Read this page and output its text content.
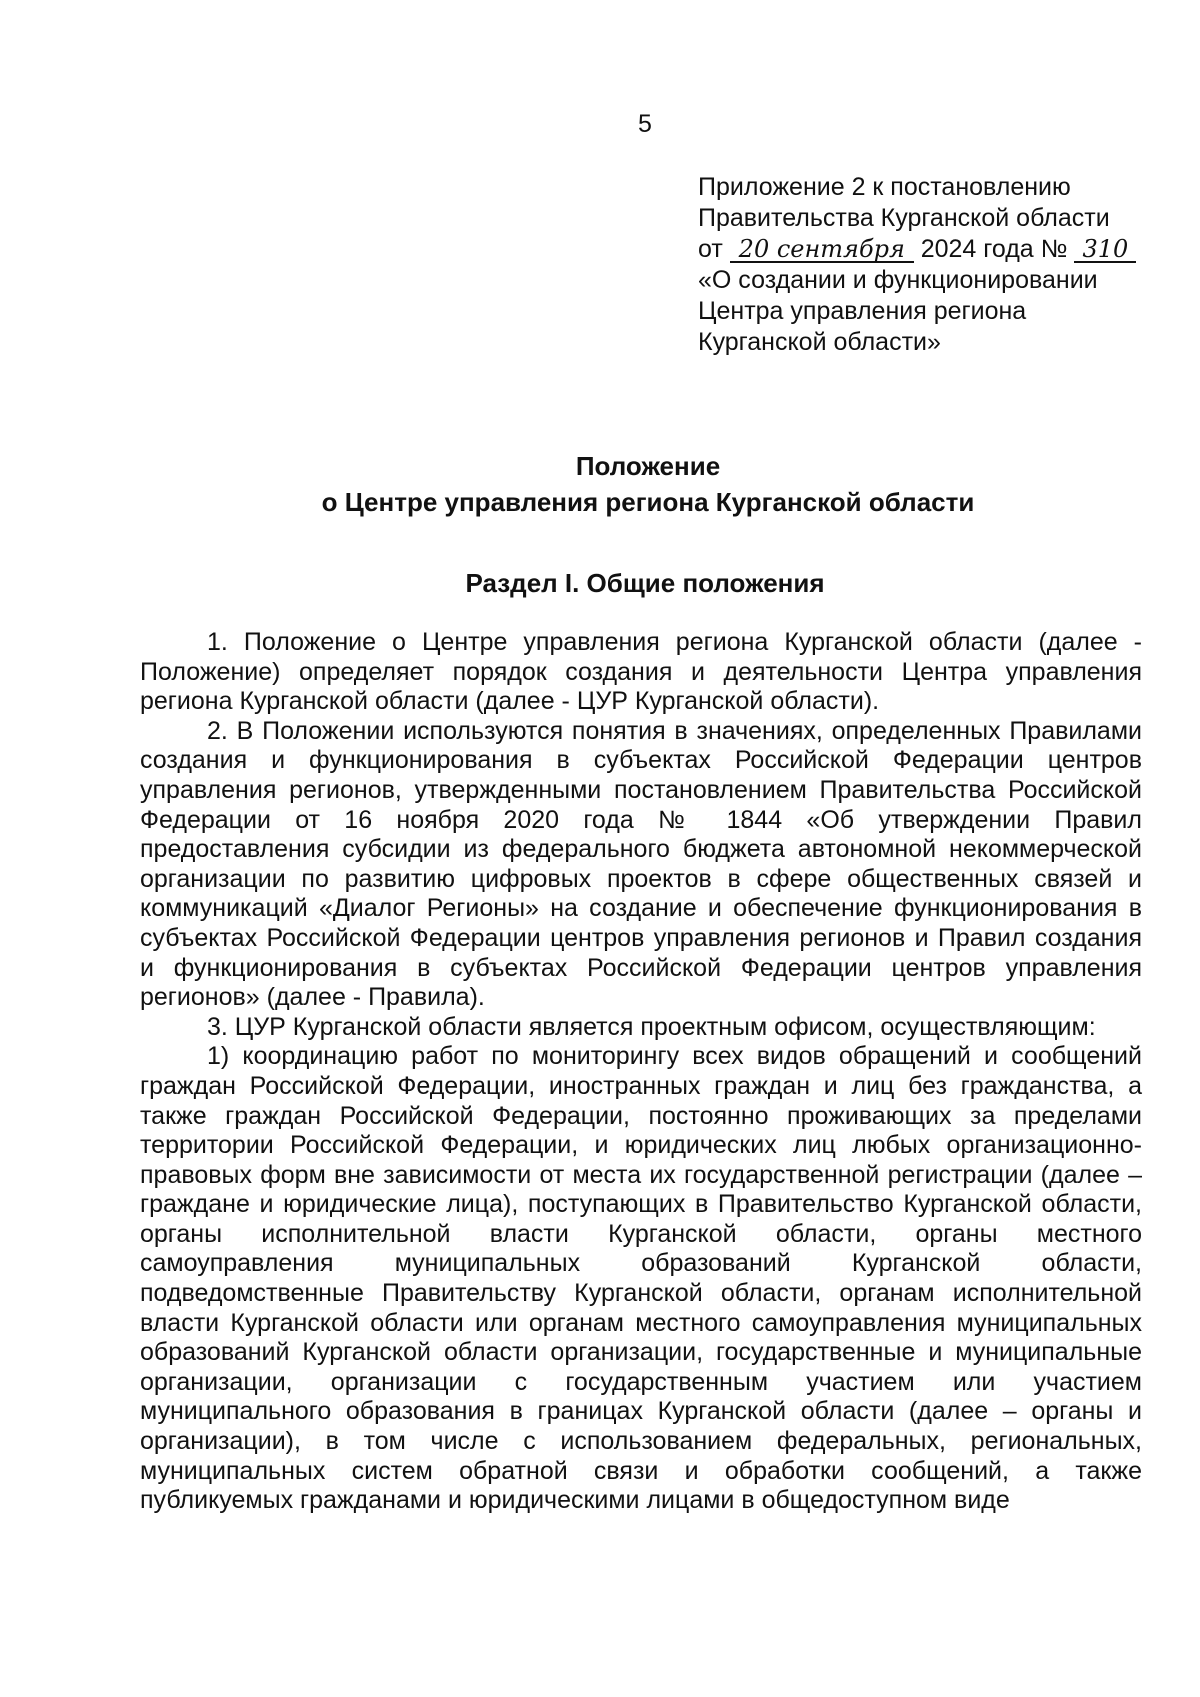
5
Приложение 2 к постановлению
Правительства Курганской области
от 20 сентября 2024 года № 310
«О создании и функционировании
Центра управления региона
Курганской области»
Положение
о Центре управления региона Курганской области
Раздел I. Общие положения

1. Положение о Центре управления региона Курганской области (далее - Положение) определяет порядок создания и деятельности Центра управления региона Курганской области (далее - ЦУР Курганской области).

2. В Положении используются понятия в значениях, определенных Правилами создания и функционирования в субъектах Российской Федерации центров управления регионов, утвержденными постановлением Правительства Российской Федерации от 16 ноября 2020 года № 1844 «Об утверждении Правил предоставления субсидии из федерального бюджета автономной некоммерческой организации по развитию цифровых проектов в сфере общественных связей и коммуникаций «Диалог Регионы» на создание и обеспечение функционирования в субъектах Российской Федерации центров управления регионов и Правил создания и функционирования в субъектах Российской Федерации центров управления регионов» (далее - Правила).

3. ЦУР Курганской области является проектным офисом, осуществляющим:

1) координацию работ по мониторингу всех видов обращений и сообщений граждан Российской Федерации, иностранных граждан и лиц без гражданства, а также граждан Российской Федерации, постоянно проживающих за пределами территории Российской Федерации, и юридических лиц любых организационно-правовых форм вне зависимости от места их государственной регистрации (далее – граждане и юридические лица), поступающих в Правительство Курганской области, органы исполнительной власти Курганской области, органы местного самоуправления муниципальных образований Курганской области, подведомственные Правительству Курганской области, органам исполнительной власти Курганской области или органам местного самоуправления муниципальных образований Курганской области организации, государственные и муниципальные организации, организации с государственным участием или участием муниципального образования в границах Курганской области (далее – органы и организации), в том числе с использованием федеральных, региональных, муниципальных систем обратной связи и обработки сообщений, а также публикуемых гражданами и юридическими лицами в общедоступном виде
